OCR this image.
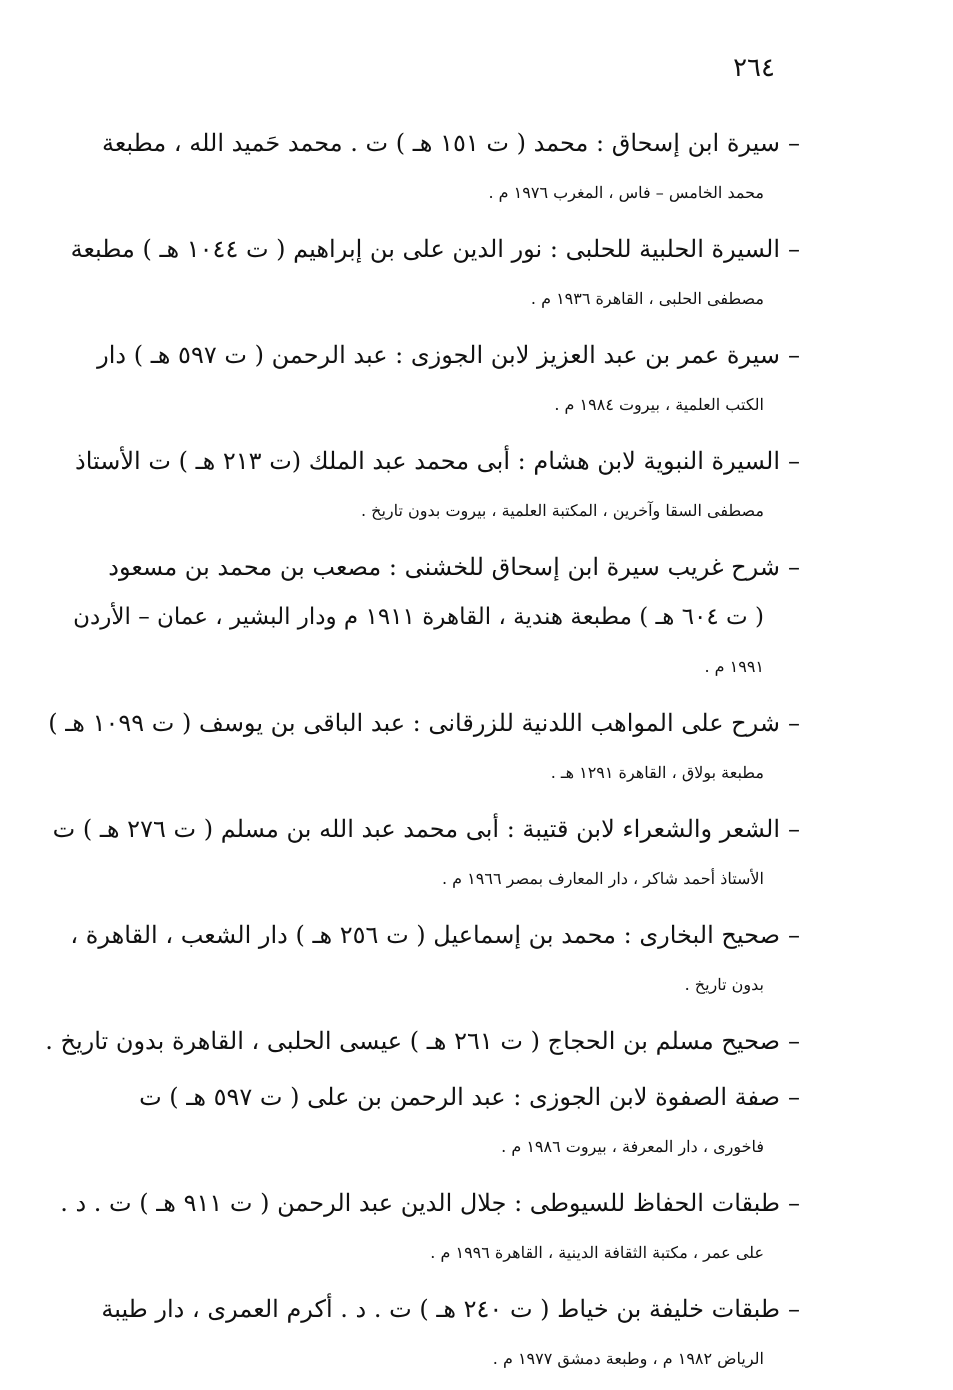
٢٦٤
–

سيرة ابن إسحاق : محمد ( ت ١٥١ هـ ) ت . محمد حَميد الله ، مطبعة
محمد الخامس – فاس ، المغرب ١٩٧٦ م .

–

السيرة الحلبية للحلبى : نور الدين على بن إبراهيم ( ت ١٠٤٤ هـ ) مطبعة
مصطفى الحلبى ، القاهرة ١٩٣٦ م .

–

سيرة عمر بن عبد العزيز لابن الجوزى : عبد الرحمن ( ت ٥٩٧ هـ ) دار
الكتب العلمية ، بيروت ١٩٨٤ م .

–

السيرة النبوية لابن هشام : أبى محمد عبد الملك (ت ٢١٣ هـ ) ت الأستاذ
مصطفى السقا وآخرين ، المكتبة العلمية ، بيروت بدون تاريخ .

–

شرح غريب سيرة ابن إسحاق للخشنى : مصعب بن محمد بن مسعود
( ت ٦٠٤ هـ ) مطبعة هندية ، القاهرة ١٩١١ م ودار البشير ، عمان – الأردن
١٩٩١ م .

–

شرح على المواهب اللدنية للزرقانى : عبد الباقى بن يوسف ( ت ١٠٩٩ هـ )
مطبعة بولاق ، القاهرة ١٢٩١ هـ .

–

الشعر والشعراء لابن قتيبة : أبى محمد عبد الله بن مسلم ( ت ٢٧٦ هـ ) ت
الأستاذ أحمد شاكر ، دار المعارف بمصر ١٩٦٦ م .

–

صحيح البخارى : محمد بن إسماعيل ( ت ٢٥٦ هـ ) دار الشعب ، القاهرة ،
بدون تاريخ .

–

صحيح مسلم بن الحجاج ( ت ٢٦١ هـ ) عيسى الحلبى ، القاهرة بدون تاريخ .

–

صفة الصفوة لابن الجوزى : عبد الرحمن بن على ( ت ٥٩٧ هـ ) ت
فاخورى ، دار المعرفة ، بيروت ١٩٨٦ م .

–

طبقات الحفاظ للسيوطى : جلال الدين عبد الرحمن ( ت ٩١١ هـ ) ت . د .
على عمر ، مكتبة الثقافة الدينية ، القاهرة ١٩٩٦ م .

–

طبقات خليفة بن خياط ( ت ٢٤٠ هـ ) ت . د . أكرم العمرى ، دار طيبة
الرياض ١٩٨٢ م ، وطبعة دمشق ١٩٧٧ م .
